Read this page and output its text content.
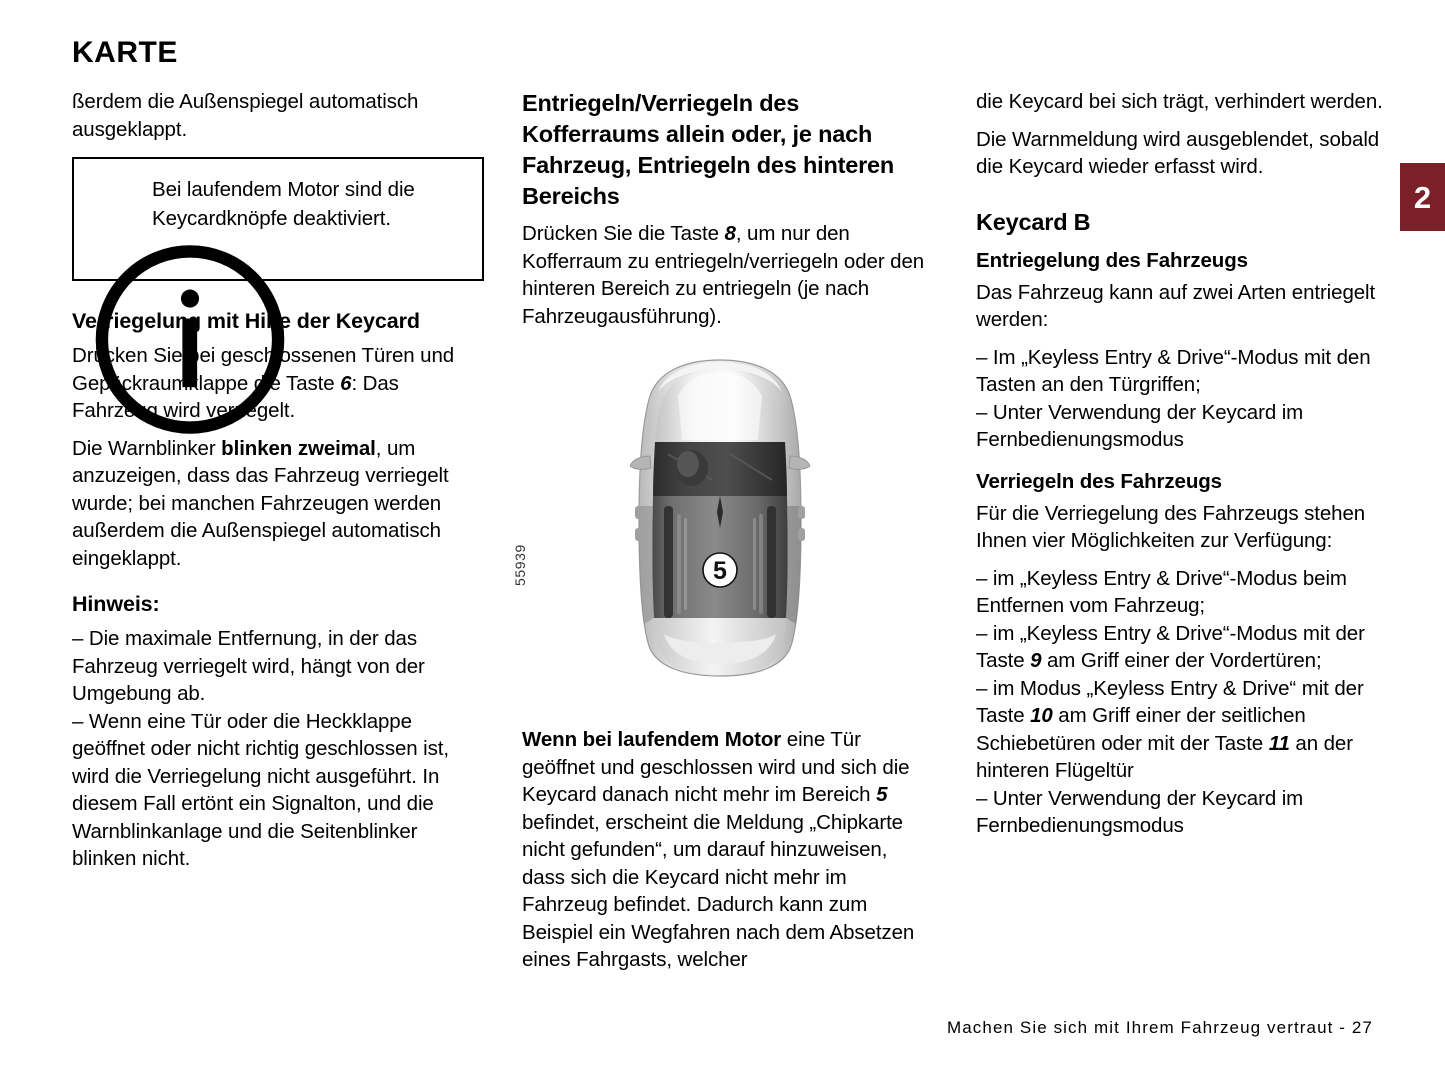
2
KARTE

ßerdem die Außenspiegel automatisch ausgeklappt.

Bei laufendem Motor sind die Keycardknöpfe deaktiviert.
Verriegelung mit Hilfe der Keycard

Drücken Sie bei geschlossenen Türen und Gepäckraumklappe die Taste 6: Das Fahrzeug wird verriegelt.

Die Warnblinker blinken zweimal, um anzuzeigen, dass das Fahrzeug verriegelt wurde; bei manchen Fahrzeugen werden außerdem die Außenspiegel automatisch eingeklappt.

Hinweis:
– Die maximale Entfernung, in der das Fahrzeug verriegelt wird, hängt von der Umgebung ab.
– Wenn eine Tür oder die Heckklappe geöffnet oder nicht richtig geschlossen ist, wird die Verriegelung nicht ausgeführt. In diesem Fall ertönt ein Signalton, und die Warnblinkanlage und die Seitenblinker blinken nicht.
Entriegeln/Verriegeln des Kofferraums allein oder, je nach Fahrzeug, Entriegeln des hinteren Bereichs

Drücken Sie die Taste 8, um nur den Kofferraum zu entriegeln/verriegeln oder den hinteren Bereich zu entriegeln (je nach Fahrzeugausführung).

55939	5

Wenn bei laufendem Motor eine Tür geöffnet und geschlossen wird und sich die Keycard danach nicht mehr im Bereich 5 befindet, erscheint die Meldung „Chipkarte nicht gefunden“, um darauf hinzuweisen, dass sich die Keycard nicht mehr im Fahrzeug befindet. Dadurch kann zum Beispiel ein Wegfahren nach dem Absetzen eines Fahrgasts, welcher

die Keycard bei sich trägt, verhindert werden.

Die Warnmeldung wird ausgeblendet, sobald die Keycard wieder erfasst wird.

Keycard B
Entriegelung des Fahrzeugs

Das Fahrzeug kann auf zwei Arten entriegelt werden:

– Im „Keyless Entry & Drive“-Modus mit den Tasten an den Türgriffen;
– Unter Verwendung der Keycard im Fernbedienungsmodus
Verriegeln des Fahrzeugs

Für die Verriegelung des Fahrzeugs stehen Ihnen vier Möglichkeiten zur Verfügung:

– im „Keyless Entry & Drive“-Modus beim Entfernen vom Fahrzeug;
– im „Keyless Entry & Drive“-Modus mit der Taste 9 am Griff einer der Vordertüren;
– im Modus „Keyless Entry & Drive“ mit der Taste 10 am Griff einer der seitlichen Schiebetüren oder mit der Taste 11 an der hinteren Flügeltür
– Unter Verwendung der Keycard im Fernbedienungsmodus
Machen Sie sich mit Ihrem Fahrzeug vertraut - 27
